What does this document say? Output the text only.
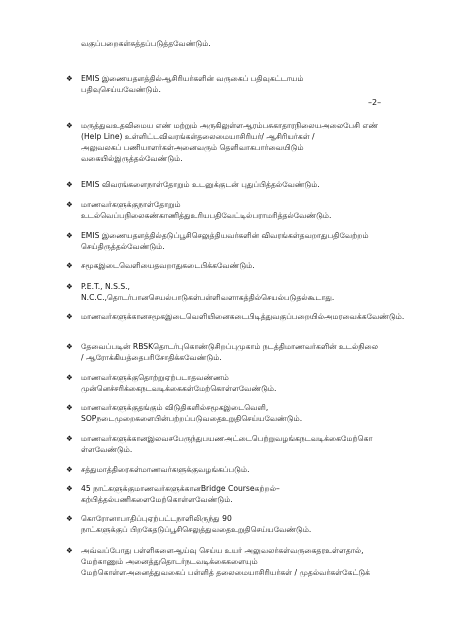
வகுப்பறைகள்சுத்தப்படுத்தவேண்டும்.
–2–
❖ EMIS இணையதளத்தில்ஆசிரியர்களின் வருகைப் பதிவுகட்டாயம்
பதிவுசெய்யவேண்டும்.
❖ மருத்துவஉதவிமைய எண் மற்றும் அருகிலுள்ளஆரம்பசுகாதாரநிலையஅலைபேசி எண்
(Help Line) உள்ளிட்டவிவரங்கள்தலைமையாசிரியர்/ ஆசிரியர்கள் /
அலுவலகப் பணியாளர்கள்அனைவரும் தெளிவாகபார்வையிடும்
வகையில்இருத்தல்வேண்டும்.
❖ EMIS விவரங்களைநாள்தோறும் உடனுக்குடன் புதுப்பித்தல்வேண்டும்.
❖ மாணவர்களுக்குநாள்தோறும்
உடல்வெப்பநிலைகண்காணித்துஉரியபதிவேட்டில்பராமரித்தல்வேண்டும்.
❖ EMIS இணையதளத்தில்தடுப்பூசிசெலுத்தியவர்களின் விவரங்கள்தவறாதுபதிவேற்றம்
செய்திருத்தல்வேண்டும்.
❖ சமூகஇடைவெளியைதவறாதுகடைபிக்கவேண்டும்.
❖ P.E.T., N.S.S.,
N.C.C.,தொடர்பானசெயல்பாடுகள்பள்ளிவளாகத்தில்செயல்படுதல்கூடாது.
❖ மாணவர்களுக்கானசமூகஇடைவெளியினைகடைபிடித்துவகுப்பறையில்அமரவைக்கவேண்டும்.
❖ தேவைப்படின் RBSKதொடர்புகொண்டுசிறப்புமுகாம் நடத்திமாணவர்களின் உடல்நிலை
/ ஆரோக்கியத்தைபரிசோதிக்கவேண்டும்.
❖ மாணவர்களுக்குதொற்றுஏற்படாதவண்ணம்
முன்னெச்சரிக்கைநடவடிக்கைகள்மேற்கொள்ளவேண்டும்.
❖ மாணவர்களுக்குதங்கும் விடுதிகளில்சமூகஇடைவெளி,
SOPநடைமுறைகளைபின்பற்றப்படுவதைஉறுதிசெய்யவேண்டும்.
❖ மாணவர்களுக்கானஇலவசபேருந்துபயணஅட்டைபெற்றுவழங்கநடவடிக்கைமேற்கொ
ள்ளவேண்டும்.
❖ சத்துமாத்திரைகள்மாணவர்களுக்குவழங்கப்படும்.
❖ 45 நாட்களுக்குமாணவர்களுக்கானBridge Courseகற்றல்–
கற்பித்தல்பணிகளைமேற்கொள்ளவேண்டும்.
❖ கொரோனாபாதிப்புஏற்பட்டநாளிலிருந்து 90
நாட்களுக்குப் பிறகேதடுப்பூசிசெலுத்துவதைஉறுதிசெய்யவேண்டும்.
❖ அவ்வப்போது பள்ளிகளைஆய்வு செய்ய உயர் அலுவலர்கள்வருகைதரஉள்ளதால்,
மேற்காணும் அனைத்துதொடர்நடவடிக்கைகளையும்
மேற்கொள்ளஅனைத்துவகைப் பள்ளித் தலைமையாசிரியர்கள் / முதல்வர்கள்கேட்டுக்
